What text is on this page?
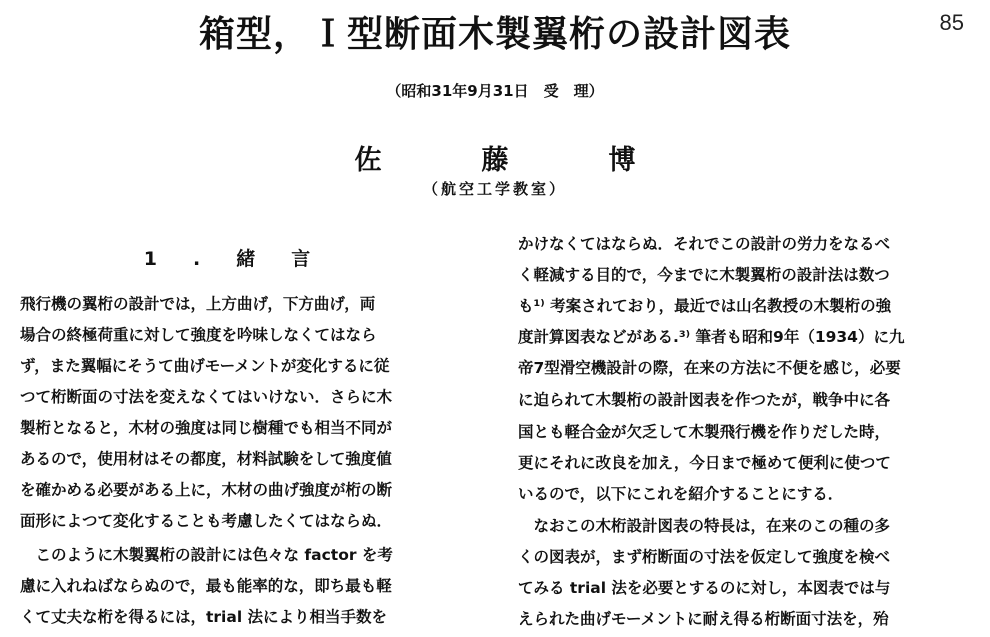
85
箱型，Ｉ型断面木製翼桁の設計図表
（昭和31年9月31日　受　理）
佐藤博
（航空工学教室）
1.緒言
飛行機の翼桁の設計では，上方曲げ，下方曲げ，両
場合の終極荷重に対して強度を吟味しなくてはなら
ず，また翼幅にそうて曲げモーメントが変化するに従
つて桁断面の寸法を変えなくてはいけない．さらに木
製桁となると，木材の強度は同じ樹種でも相当不同が
あるので，使用材はその都度，材料試験をして強度値
を確かめる必要がある上に，木材の曲げ強度が桁の断
面形によつて変化することも考慮したくてはならぬ．
　このように木製翼桁の設計には色々な factor を考
慮に入れねばならぬので，最も能率的な，即ち最も軽
くて丈夫な桁を得るには，trial 法により相当手数を
かけなくてはならぬ．それでこの設計の労力をなるべ
く軽減する目的で，今までに木製翼桁の設計法は数つ
も¹⁾ 考案されており，最近では山名教授の木製桁の強
度計算図表などがある.³⁾ 筆者も昭和9年（1934）に九
帝7型滑空機設計の際，在来の方法に不便を感じ，必要
に迫られて木製桁の設計図表を作つたが，戦争中に各
国とも軽合金が欠乏して木製飛行機を作りだした時，
更にそれに改良を加え，今日まで極めて便利に使つて
いるので，以下にこれを紹介することにする．
　なおこの木桁設計図表の特長は，在来のこの種の多
くの図表が，まず桁断面の寸法を仮定して強度を検べ
てみる trial 法を必要とするのに対し，本図表では与
えられた曲げモーメントに耐え得る桁断面寸法を，殆
